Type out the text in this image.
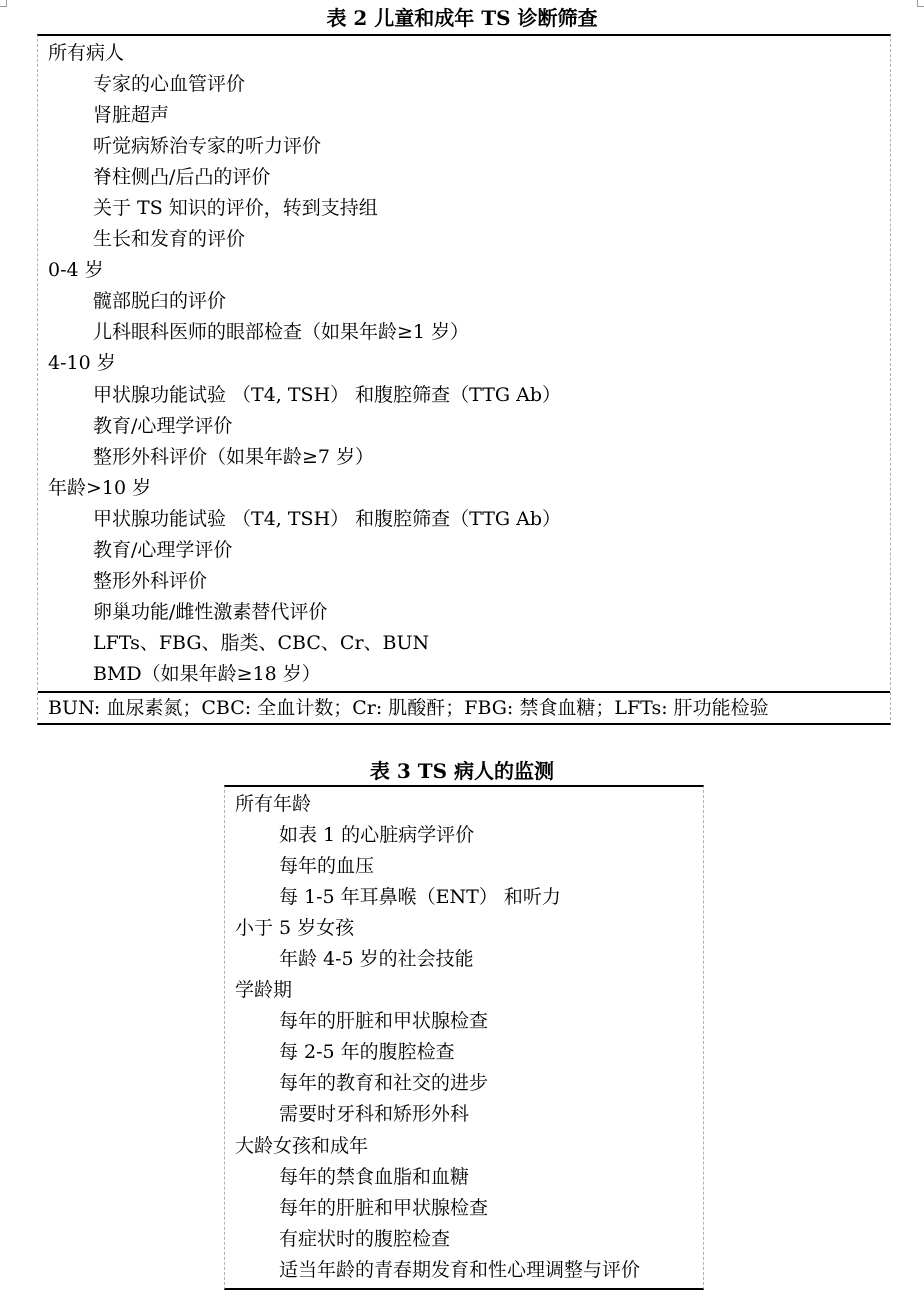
表 2 儿童和成年 TS 诊断筛查
所有病人
专家的心血管评价
肾脏超声
听觉病矫治专家的听力评价
脊柱侧凸/后凸的评价
关于 TS 知识的评价，转到支持组
生长和发育的评价
0-4 岁
髋部脱臼的评价
儿科眼科医师的眼部检查（如果年龄≥1 岁）
4-10 岁
甲状腺功能试验 （T4, TSH） 和腹腔筛查（TTG Ab）
教育/心理学评价
整形外科评价（如果年龄≥7 岁）
年龄>10 岁
甲状腺功能试验 （T4, TSH） 和腹腔筛查（TTG Ab）
教育/心理学评价
整形外科评价
卵巢功能/雌性激素替代评价
LFTs、FBG、脂类、CBC、Cr、BUN
BMD（如果年龄≥18 岁）
BUN: 血尿素氮；CBC: 全血计数；Cr: 肌酸酐；FBG: 禁食血糖；LFTs: 肝功能检验
表 3 TS 病人的监测
所有年龄
如表 1 的心脏病学评价
每年的血压
每 1-5 年耳鼻喉（ENT） 和听力
小于 5 岁女孩
年龄 4-5 岁的社会技能
学龄期
每年的肝脏和甲状腺检查
每 2-5 年的腹腔检查
每年的教育和社交的进步
需要时牙科和矫形外科
大龄女孩和成年
每年的禁食血脂和血糖
每年的肝脏和甲状腺检查
有症状时的腹腔检查
适当年龄的青春期发育和性心理调整与评价
